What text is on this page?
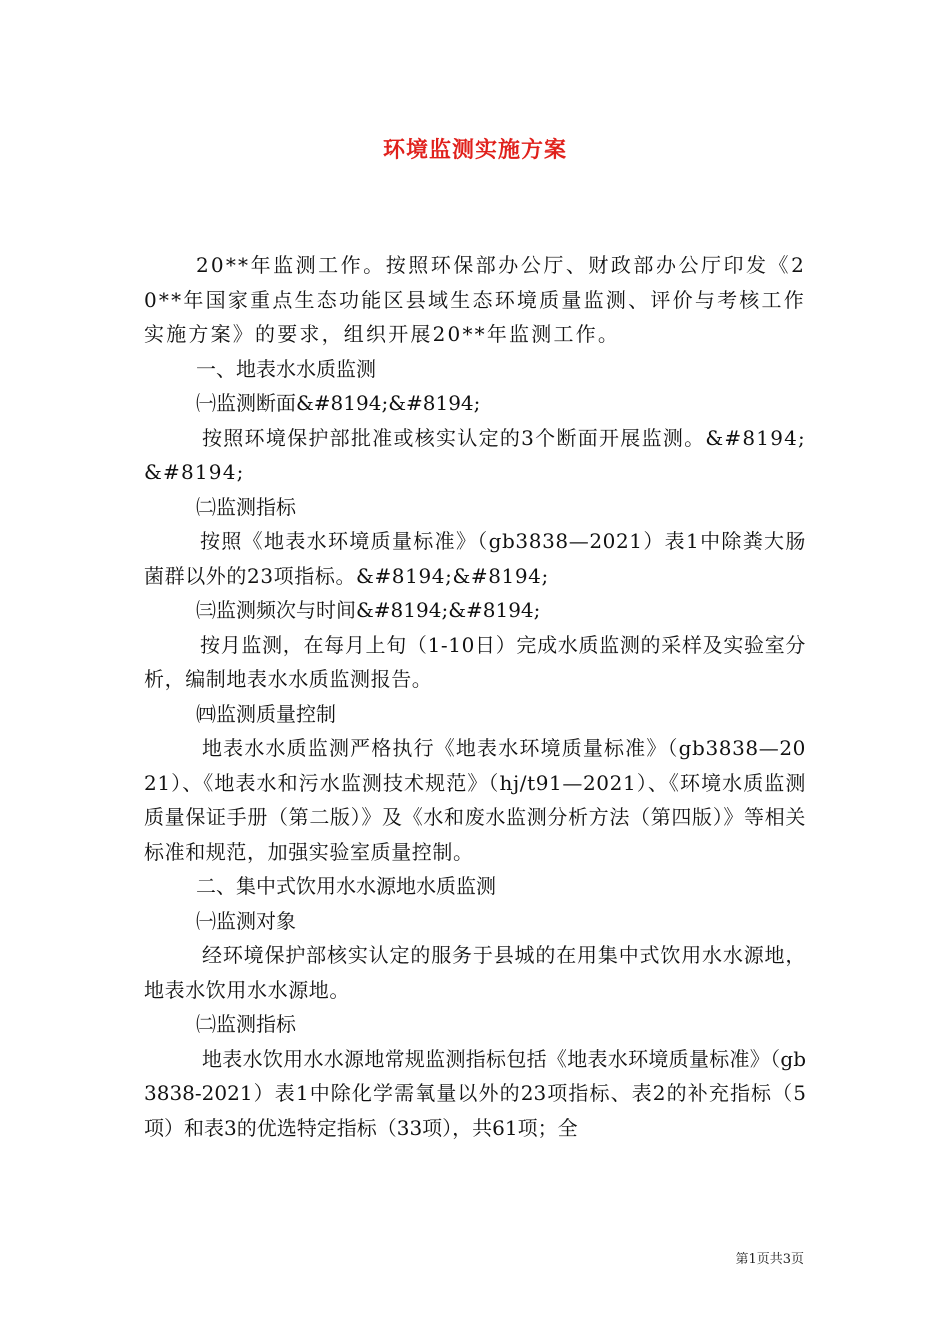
环境监测实施方案

20**年监测工作。按照环保部办公厅、财政部办公厅印发《20**年国家重点生态功能区县域生态环境质量监测、评价与考核工作实施方案》的要求，组织开展20**年监测工作。

一、地表水水质监测

㈠监测断面&#8194;&#8194;

按照环境保护部批准或核实认定的3个断面开展监测。&#8194;&#8194;

㈡监测指标

按照《地表水环境质量标准》（gb3838—2021）表1中除粪大肠菌群以外的23项指标。&#8194;&#8194;

㈢监测频次与时间&#8194;&#8194;

按月监测，在每月上旬（1-10日）完成水质监测的采样及实验室分析，编制地表水水质监测报告。

㈣监测质量控制

地表水水质监测严格执行《地表水环境质量标准》（gb3838—2021）、《地表水和污水监测技术规范》（hj/t91—2021）、《环境水质监测质量保证手册（第二版）》及《水和废水监测分析方法（第四版）》等相关标准和规范，加强实验室质量控制。

二、集中式饮用水水源地水质监测

㈠监测对象

经环境保护部核实认定的服务于县城的在用集中式饮用水水源地，地表水饮用水水源地。

㈡监测指标

地表水饮用水水源地常规监测指标包括《地表水环境质量标准》（gb3838-2021）表1中除化学需氧量以外的23项指标、表2的补充指标（5项）和表3的优选特定指标（33项），共61项；全

第1页共3页
